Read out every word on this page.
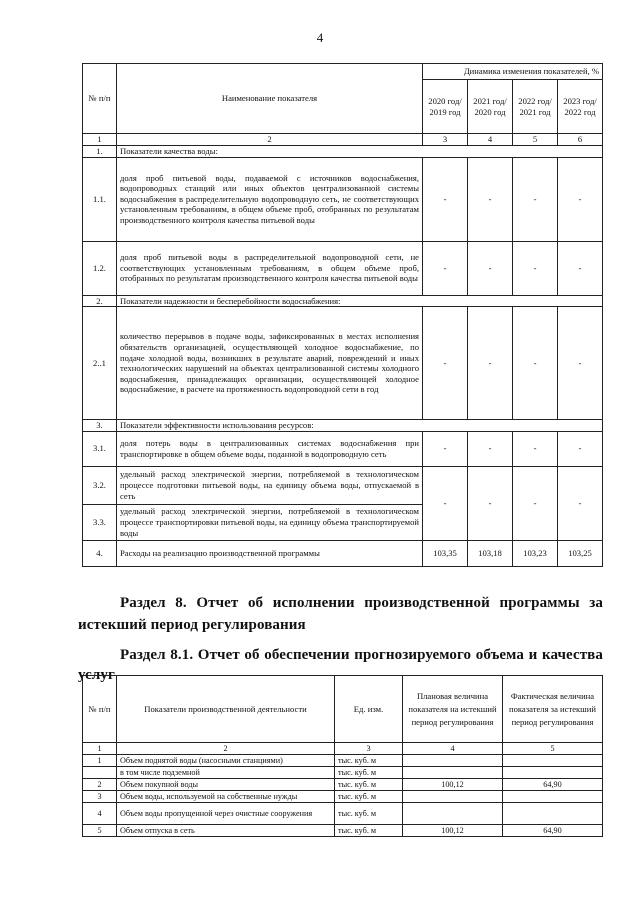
4
№ п/п	Наименование показателя	Динамика изменения показателей, %			
		2020 год/ 2019 год	2021 год/ 2020 год	2022 год/ 2021 год	2023 год/ 2022 год
1	2	3	4	5	6
1.	Показатели качества воды:				
1.1.	доля проб питьевой воды, подаваемой с источников водоснабжения, водопроводных станций или иных объектов централизованной системы водоснабжения в распределительную водопроводную сеть, не соответствующих установленным требованиям, в общем объеме проб, отобранных по результатам производственного контроля качества питьевой воды	-	-	-	-
1.2.	доля проб питьевой воды в распределительной водопроводной сети, не соответствующих установленным требованиям, в общем объеме проб, отобранных по результатам производственного контроля качества питьевой воды	-	-	-	-
2.	Показатели надежности и бесперебойности водоснабжения:				
2..1	количество перерывов в подаче воды, зафиксированных в местах исполнения обязательств организацией, осуществляющей холодное водоснабжение, по подаче холодной воды, возникших в результате аварий, повреждений и иных технологических нарушений на объектах централизованной системы холодного водоснабжения, принадлежащих организации, осуществляющей холодное водоснабжение, в расчете на протяженность водопроводной сети в год	-	-	-	-
3.	Показатели эффективности использования ресурсов:				
3.1.	доля потерь воды в централизованных системах водоснабжения при транспортировке в общем объеме воды, поданной в водопроводную сеть	-	-	-	-
3.2.	удельный расход электрической энергии, потребляемой в технологическом процессе подготовки питьевой воды, на единицу объема воды, отпускаемой в сеть	-	-	-	-
3.3.	удельный расход электрической энергии, потребляемой в технологическом процессе транспортировки питьевой воды, на единицу объема транспортируемой воды				
4.	Расходы на реализацию производственной программы	103,35	103,18	103,23	103,25
Раздел 8. Отчет об исполнении производственной программы за истекший период регулирования
Раздел 8.1. Отчет об обеспечении прогнозируемого объема и качества услуг
№ п/п	Показатели производственной деятельности	Ед. изм.	Плановая величина показателя на истекший период регулирования	Фактическая величина показателя за истекший период регулирования
1	2	3	4	5
1	Объем поднятой воды (насосными станциями)	тыс. куб. м		
	в том числе подземной	тыс. куб. м		
2	Объем покупной воды	тыс. куб. м	100,12	64,90
3	Объем воды, используемой на собственные нужды	тыс. куб. м		
4	Объем воды пропущенной через очистные сооружения	тыс. куб. м		
5	Объем отпуска в сеть	тыс. куб. м	100,12	64,90
